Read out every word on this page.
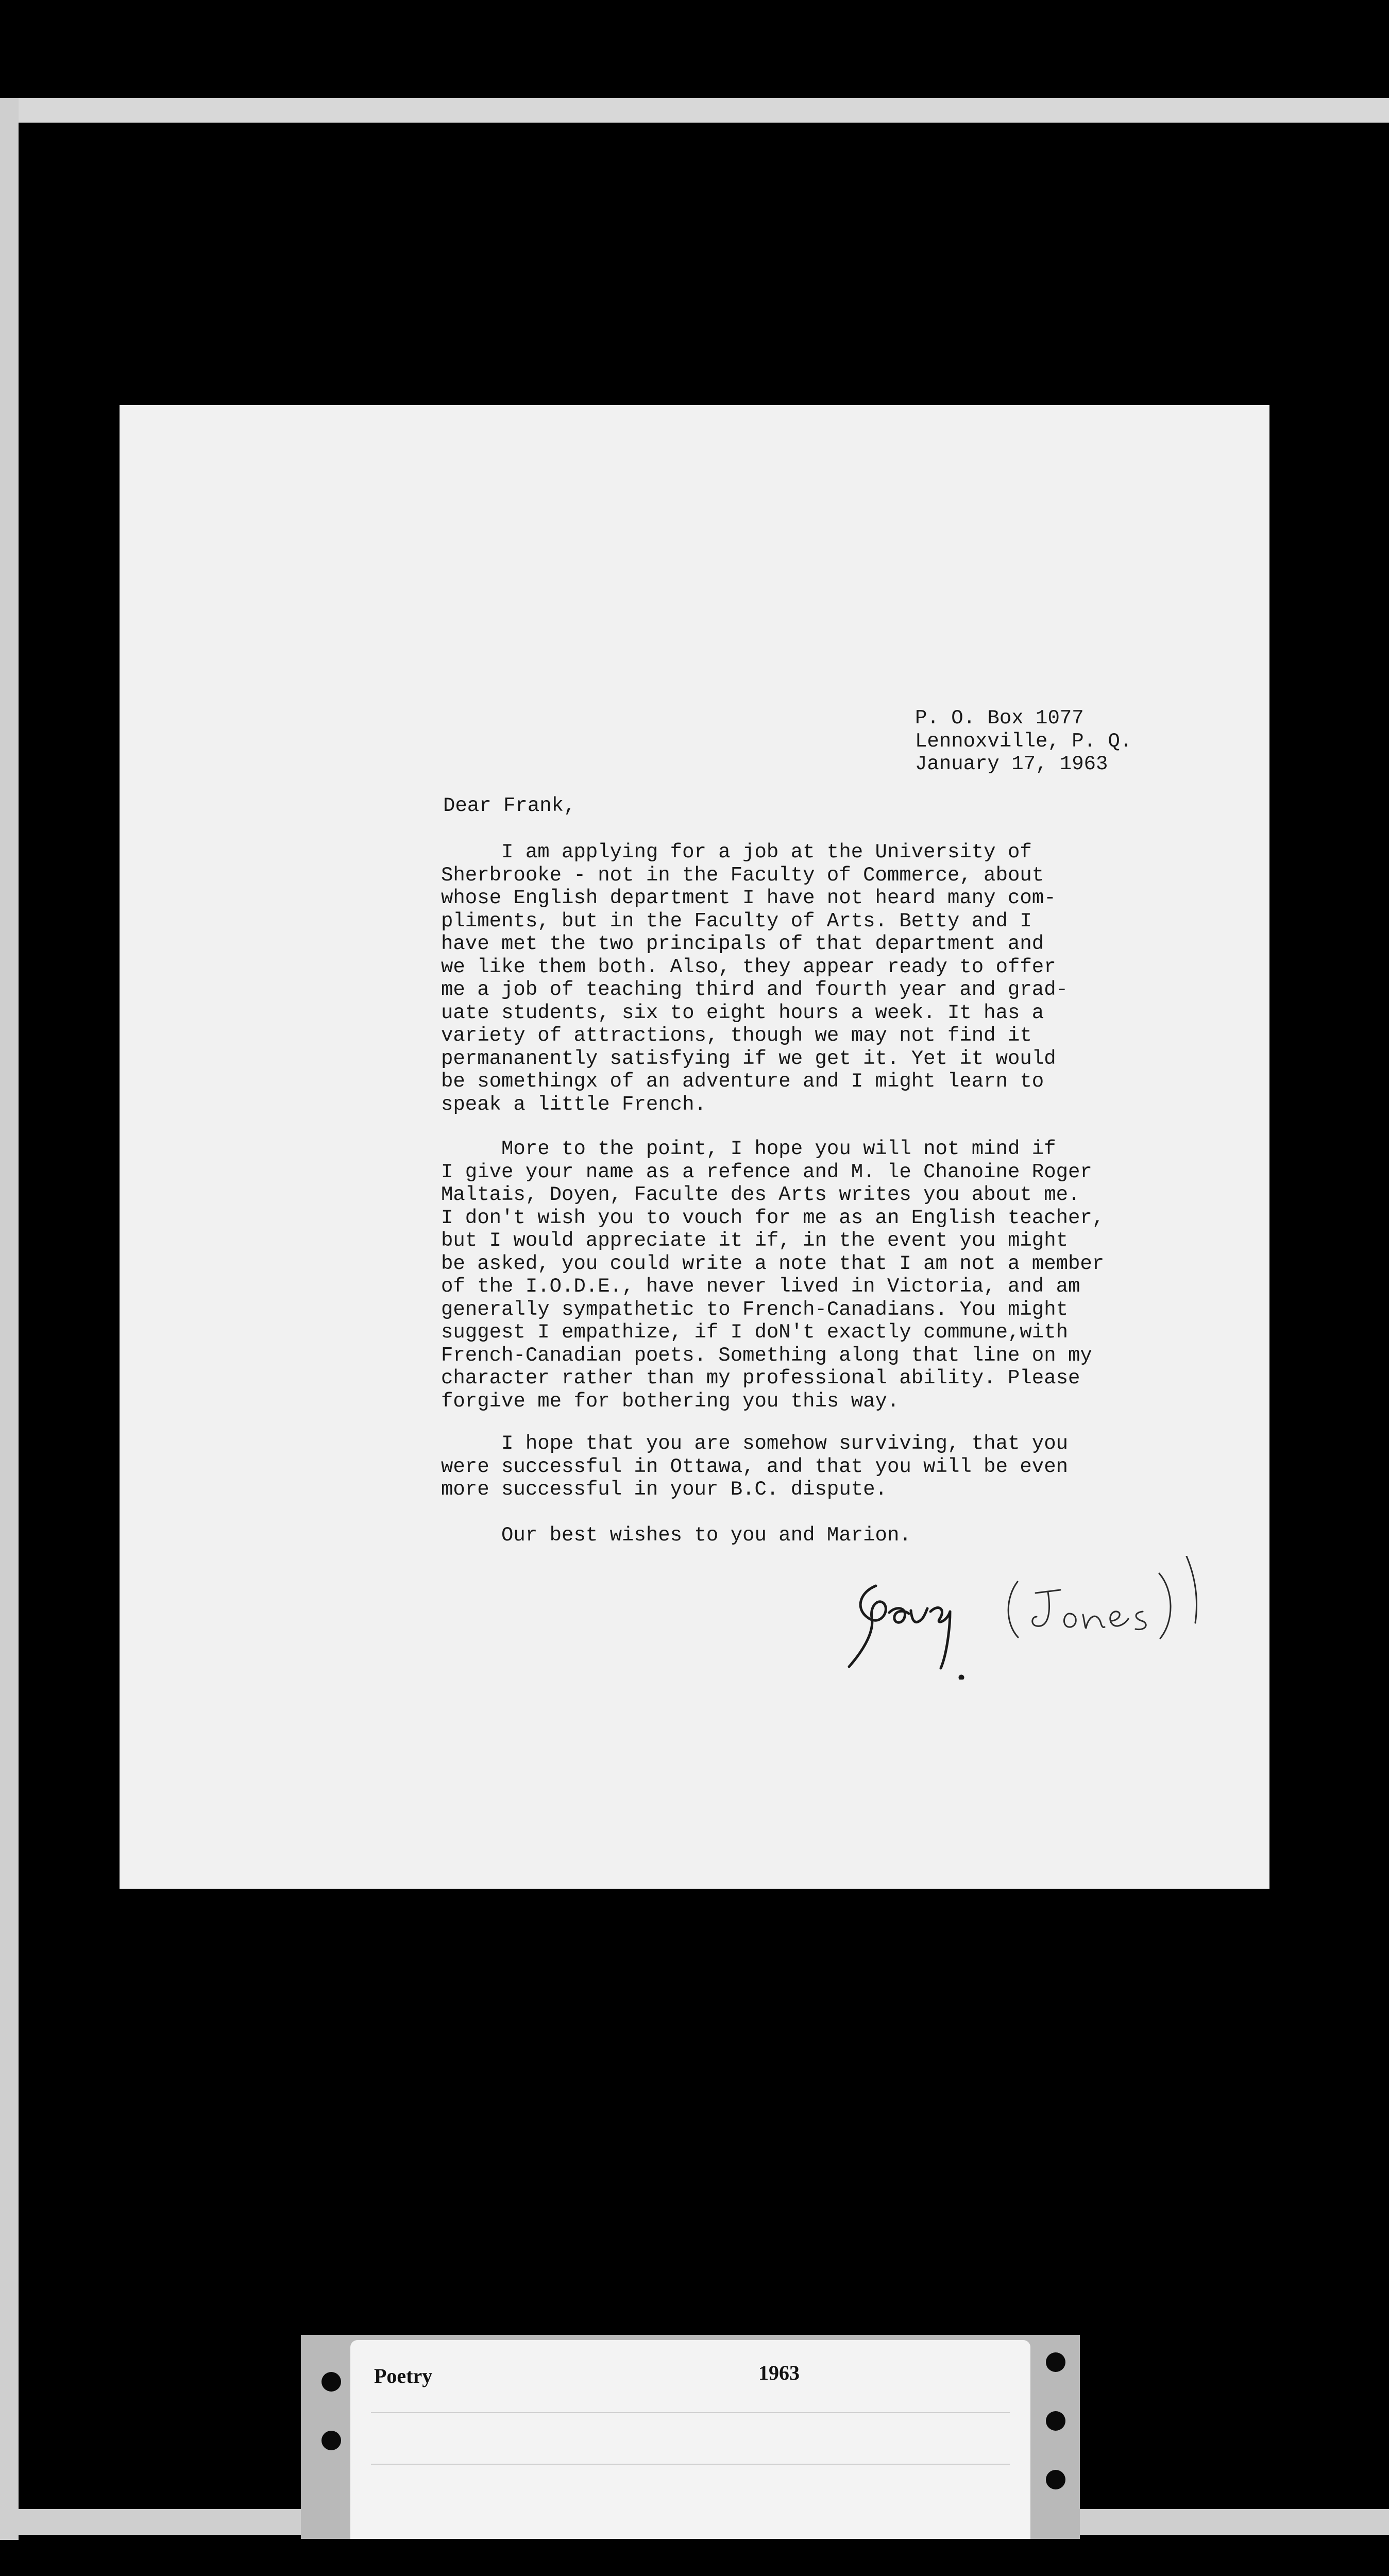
P. O. Box 1077
Lennoxville, P. Q.
January 17, 1963
Dear Frank,
I am applying for a job at the University of
Sherbrooke - not in the Faculty of Commerce, about
whose English department I have not heard many com-
pliments, but in the Faculty of Arts. Betty and I
have met the two principals of that department and
we like them both. Also, they appear ready to offer
me a job of teaching third and fourth year and grad-
uate students, six to eight hours a week. It has a
variety of attractions, though we may not find it
permananently satisfying if we get it. Yet it would
be somethingx of an adventure and I might learn to
speak a little French.
More to the point, I hope you will not mind if
I give your name as a refence and M. le Chanoine Roger
Maltais, Doyen, Faculte des Arts writes you about me.
I don't wish you to vouch for me as an English teacher,
but I would appreciate it if, in the event you might
be asked, you could write a note that I am not a member
of the I.O.D.E., have never lived in Victoria, and am
generally sympathetic to French-Canadians. You might
suggest I empathize, if I doN't exactly commune,with
French-Canadian poets. Something along that line on my
character rather than my professional ability. Please
forgive me for bothering you this way.
I hope that you are somehow surviving, that you
were successful in Ottawa, and that you will be even
more successful in your B.C. dispute.
Our best wishes to you and Marion.

Poetry	1963
